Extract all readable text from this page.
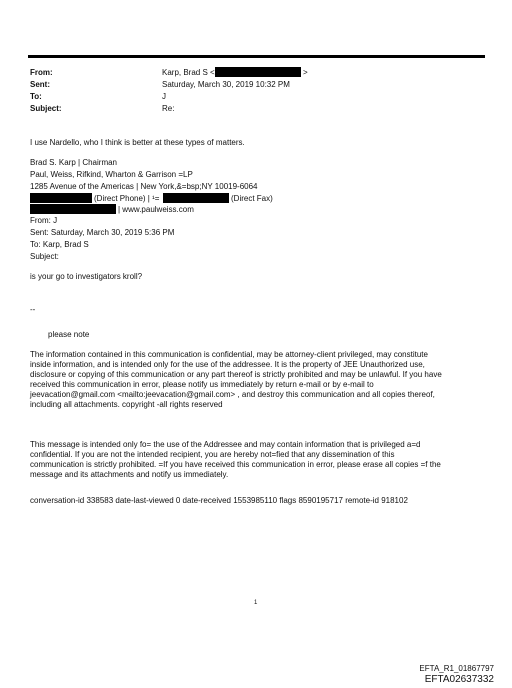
From:
Sent:
To:
Subject:
Karp, Brad S <	>
Saturday, March 30, 2019 10:32 PM
J
Re:
I use Nardello, who I think is better at these types of matters.
Brad S. Karp | Chairman
Paul, Weiss, Rifkind, Wharton & Garrison =LP
1285 Avenue of the Americas | New York,&=bsp;NY 10019-6064
(Direct Phone) | ¹=	(Direct Fax)
| www.paulweiss.com
From: J
Sent: Saturday, March 30, 2019 5:36 PM
To: Karp, Brad S
Subject:
is your go to investigators kroll?
--
please note
The information contained in this communication is confidential, may be attorney-client privileged, may constitute
inside information, and is intended only for the use of the addressee. It is the property of JEE Unauthorized use,
disclosure or copying of this communication or any part thereof is strictly prohibited and may be unlawful. If you have
received this communication in error, please notify us immediately by return e-mail or by e-mail to
jeevacation@gmail.com <mailto:jeevacation@gmail.com> , and destroy this communication and all copies thereof,
including all attachments. copyright -all rights reserved
This message is intended only fo= the use of the Addressee and may contain information that is privileged a=d
confidential. If you are not the intended recipient, you are hereby not=fied that any dissemination of this
communication is strictly prohibited. =If you have received this communication in error, please erase all copies =f the
message and its attachments and notify us immediately.
conversation-id 338583 date-last-viewed 0 date-received 1553985110 flags 8590195717 remote-id 918102
1
EFTA_R1_01867797
EFTA02637332
